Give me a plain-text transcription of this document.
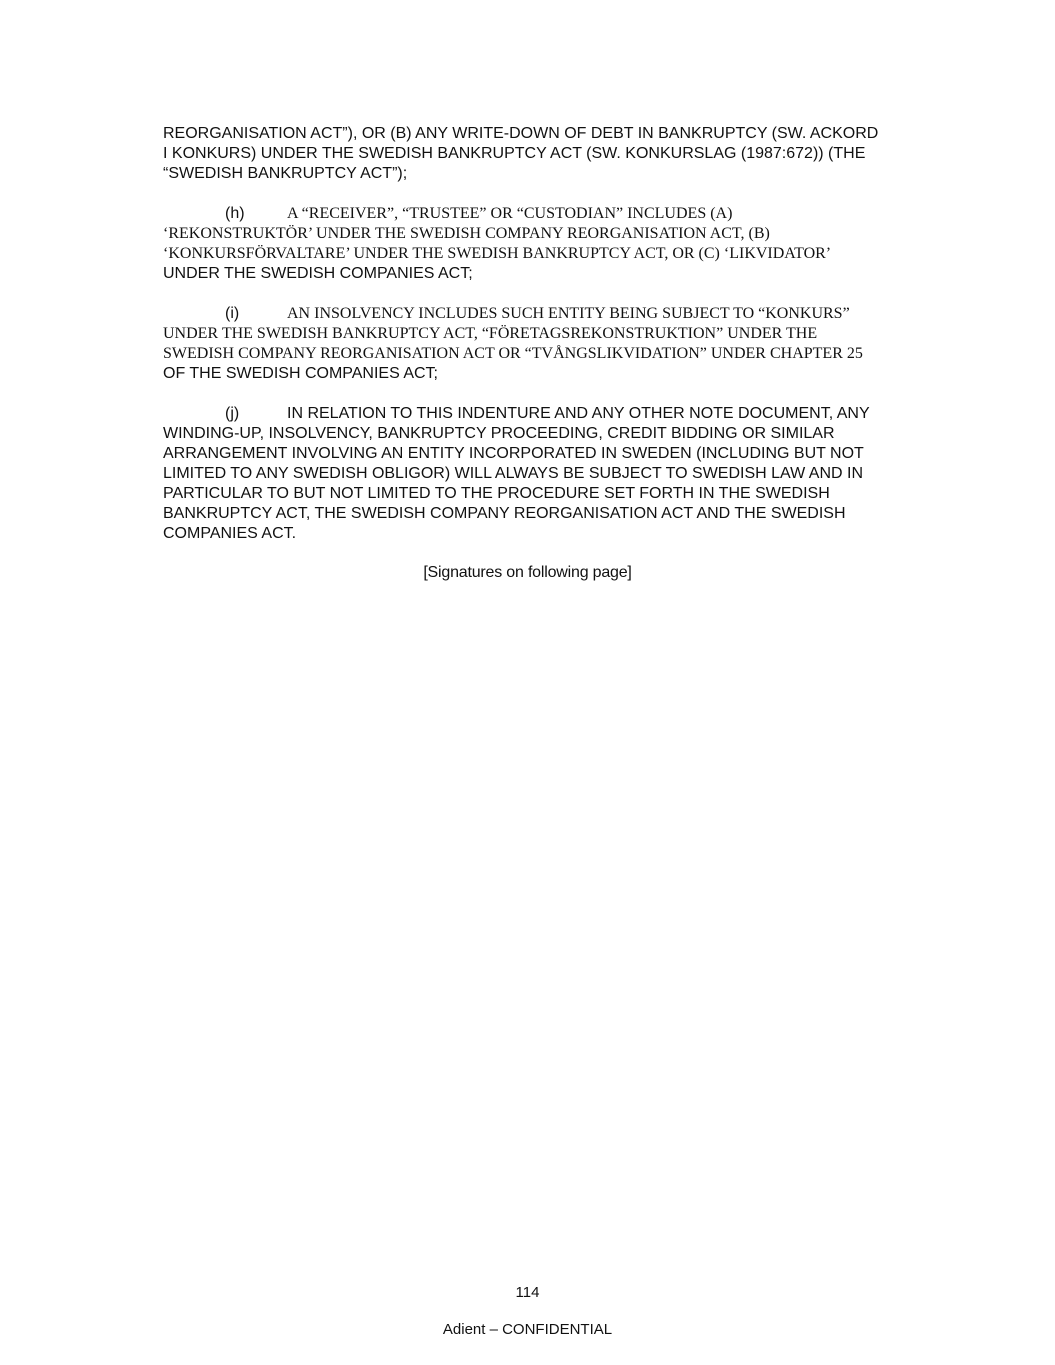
REORGANISATION ACT”), OR (B) ANY WRITE-DOWN OF DEBT IN BANKRUPTCY (SW. ACKORD
I KONKURS) UNDER THE SWEDISH BANKRUPTCY ACT (SW. KONKURSLAG (1987:672)) (THE
“SWEDISH BANKRUPTCY ACT”);
(h)	A “RECEIVER”, “TRUSTEE” OR “CUSTODIAN” INCLUDES (A)
‘REKONSTRUKTÖR’ UNDER THE SWEDISH COMPANY REORGANISATION ACT, (B)
‘KONKURSFÖRVALTARE’ UNDER THE SWEDISH BANKRUPTCY ACT, OR (C) ‘LIKVIDATOR’
UNDER THE SWEDISH COMPANIES ACT;
(i)	AN INSOLVENCY INCLUDES SUCH ENTITY BEING SUBJECT TO “KONKURS”
UNDER THE SWEDISH BANKRUPTCY ACT, “FÖRETAGSREKONSTRUKTION” UNDER THE
SWEDISH COMPANY REORGANISATION ACT OR “TVÅNGSLIKVIDATION” UNDER CHAPTER 25
OF THE SWEDISH COMPANIES ACT;
(j)	IN RELATION TO THIS INDENTURE AND ANY OTHER NOTE DOCUMENT, ANY
WINDING-UP, INSOLVENCY, BANKRUPTCY PROCEEDING, CREDIT BIDDING OR SIMILAR
ARRANGEMENT INVOLVING AN ENTITY INCORPORATED IN SWEDEN (INCLUDING BUT NOT
LIMITED TO ANY SWEDISH OBLIGOR) WILL ALWAYS BE SUBJECT TO SWEDISH LAW AND IN
PARTICULAR TO BUT NOT LIMITED TO THE PROCEDURE SET FORTH IN THE SWEDISH
BANKRUPTCY ACT, THE SWEDISH COMPANY REORGANISATION ACT AND THE SWEDISH
COMPANIES ACT.
[Signatures on following page]
114
Adient – CONFIDENTIAL
